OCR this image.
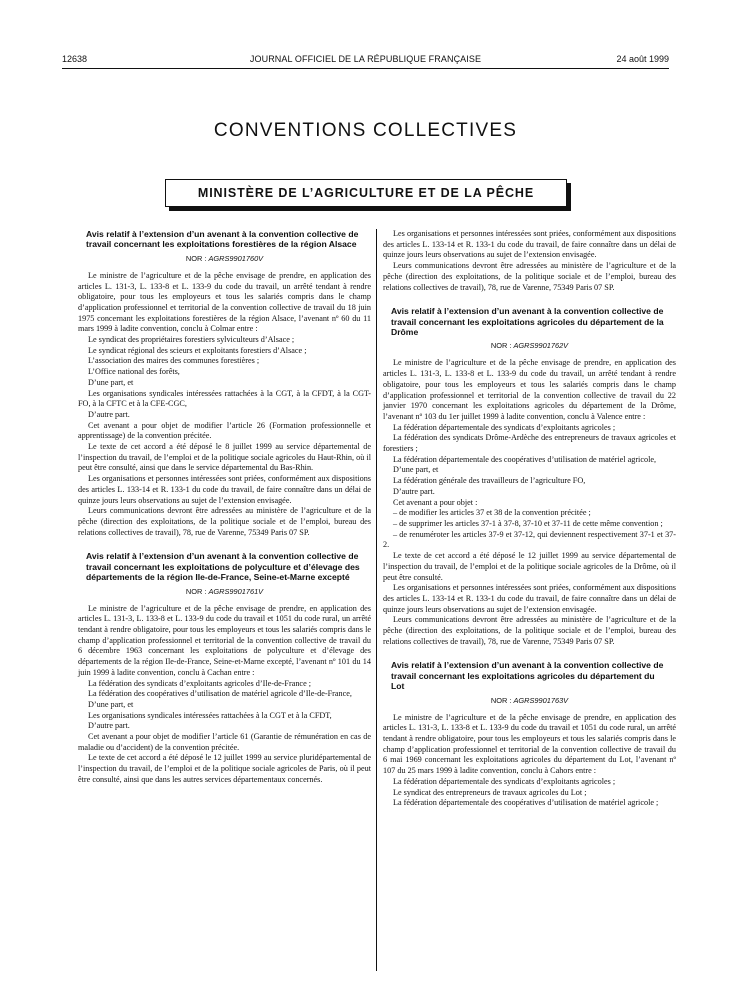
12638	JOURNAL OFFICIEL DE LA RÉPUBLIQUE FRANÇAISE	24 août 1999
CONVENTIONS COLLECTIVES
MINISTÈRE DE L’AGRICULTURE ET DE LA PÊCHE
Avis relatif à l’extension d’un avenant à la convention collective de travail concernant les exploitations forestières de la région Alsace
NOR : AGRS9901760V

Le ministre de l’agriculture et de la pêche envisage de prendre, en application des articles L. 131-3, L. 133-8 et L. 133-9 du code du travail, un arrêté tendant à rendre obligatoire, pour tous les employeurs et tous les salariés compris dans le champ d’application professionnel et territorial de la convention collective de travail du 18 juin 1975 concernant les exploitations forestières de la région Alsace, l’avenant nº 60 du 11 mars 1999 à ladite convention, conclu à Colmar entre :

Le syndicat des propriétaires forestiers sylviculteurs d’Alsace ;

Le syndicat régional des scieurs et exploitants forestiers d’Alsace ;

L’association des maires des communes forestières ;

L’Office national des forêts,

D’une part, et

Les organisations syndicales intéressées rattachées à la CGT, à la CFDT, à la CGT-FO, à la CFTC et à la CFE-CGC,

D’autre part.

Cet avenant a pour objet de modifier l’article 26 (Formation professionnelle et apprentissage) de la convention précitée.

Le texte de cet accord a été déposé le 8 juillet 1999 au service départemental de l’inspection du travail, de l’emploi et de la politique sociale agricoles du Haut-Rhin, où il peut être consulté, ainsi que dans le service départemental du Bas-Rhin.

Les organisations et personnes intéressées sont priées, conformément aux dispositions des articles L. 133-14 et R. 133-1 du code du travail, de faire connaître dans un délai de quinze jours leurs observations au sujet de l’extension envisagée.

Leurs communications devront être adressées au ministère de l’agriculture et de la pêche (direction des exploitations, de la politique sociale et de l’emploi, bureau des relations collectives de travail), 78, rue de Varenne, 75349 Paris 07 SP.

Avis relatif à l’extension d’un avenant à la convention collective de travail concernant les exploitations de polyculture et d’élevage des départements de la région Ile-de-France, Seine-et-Marne excepté
NOR : AGRS9901761V

Le ministre de l’agriculture et de la pêche envisage de prendre, en application des articles L. 131-3, L. 133-8 et L. 133-9 du code du travail et 1051 du code rural, un arrêté tendant à rendre obligatoire, pour tous les employeurs et tous les salariés compris dans le champ d’application professionnel et territorial de la convention collective de travail du 6 décembre 1963 concernant les exploitations de polyculture et d’élevage des départements de la région Ile-de-France, Seine-et-Marne excepté, l’avenant nº 101 du 14 juin 1999 à ladite convention, conclu à Cachan entre :

La fédération des syndicats d’exploitants agricoles d’Ile-de-France ;

La fédération des coopératives d’utilisation de matériel agricole d’Ile-de-France,

D’une part, et

Les organisations syndicales intéressées rattachées à la CGT et à la CFDT,

D’autre part.

Cet avenant a pour objet de modifier l’article 61 (Garantie de rémunération en cas de maladie ou d’accident) de la convention précitée.

Le texte de cet accord a été déposé le 12 juillet 1999 au service pluridépartemental de l’inspection du travail, de l’emploi et de la politique sociale agricoles de Paris, où il peut être consulté, ainsi que dans les autres services départementaux concernés.

Les organisations et personnes intéressées sont priées, conformément aux dispositions des articles L. 133-14 et R. 133-1 du code du travail, de faire connaître dans un délai de quinze jours leurs observations au sujet de l’extension envisagée.

Leurs communications devront être adressées au ministère de l’agriculture et de la pêche (direction des exploitations, de la politique sociale et de l’emploi, bureau des relations collectives de travail), 78, rue de Varenne, 75349 Paris 07 SP.

Avis relatif à l’extension d’un avenant à la convention collective de travail concernant les exploitations agricoles du département de la Drôme
NOR : AGRS9901762V

Le ministre de l’agriculture et de la pêche envisage de prendre, en application des articles L. 131-3, L. 133-8 et L. 133-9 du code du travail, un arrêté tendant à rendre obligatoire, pour tous les employeurs et tous les salariés compris dans le champ d’application professionnel et territorial de la convention collective de travail du 22 janvier 1970 concernant les exploitations agricoles du département de la Drôme, l’avenant nº 103 du 1er juillet 1999 à ladite convention, conclu à Valence entre :

La fédération départementale des syndicats d’exploitants agricoles ;

La fédération des syndicats Drôme-Ardèche des entrepreneurs de travaux agricoles et forestiers ;

La fédération départementale des coopératives d’utilisation de matériel agricole,

D’une part, et

La fédération générale des travailleurs de l’agriculture FO,

D’autre part.

Cet avenant a pour objet :

– de modifier les articles 37 et 38 de la convention précitée ;

– de supprimer les articles 37-1 à 37-8, 37-10 et 37-11 de cette même convention ;

– de renuméroter les articles 37-9 et 37-12, qui deviennent respectivement 37-1 et 37-2.

Le texte de cet accord a été déposé le 12 juillet 1999 au service départemental de l’inspection du travail, de l’emploi et de la politique sociale agricoles de la Drôme, où il peut être consulté.

Les organisations et personnes intéressées sont priées, conformément aux dispositions des articles L. 133-14 et R. 133-1 du code du travail, de faire connaître dans un délai de quinze jours leurs observations au sujet de l’extension envisagée.

Leurs communications devront être adressées au ministère de l’agriculture et de la pêche (direction des exploitations, de la politique sociale et de l’emploi, bureau des relations collectives de travail), 78, rue de Varenne, 75349 Paris 07 SP.

Avis relatif à l’extension d’un avenant à la convention collective de travail concernant les exploitations agricoles du département du Lot
NOR : AGRS9901763V

Le ministre de l’agriculture et de la pêche envisage de prendre, en application des articles L. 131-3, L. 133-8 et L. 133-9 du code du travail et 1051 du code rural, un arrêté tendant à rendre obligatoire, pour tous les employeurs et tous les salariés compris dans le champ d’application professionnel et territorial de la convention collective de travail du 6 mai 1969 concernant les exploitations agricoles du département du Lot, l’avenant nº 107 du 25 mars 1999 à ladite convention, conclu à Cahors entre :

La fédération départementale des syndicats d’exploitants agricoles ;

Le syndicat des entrepreneurs de travaux agricoles du Lot ;

La fédération départementale des coopératives d’utilisation de matériel agricole ;
